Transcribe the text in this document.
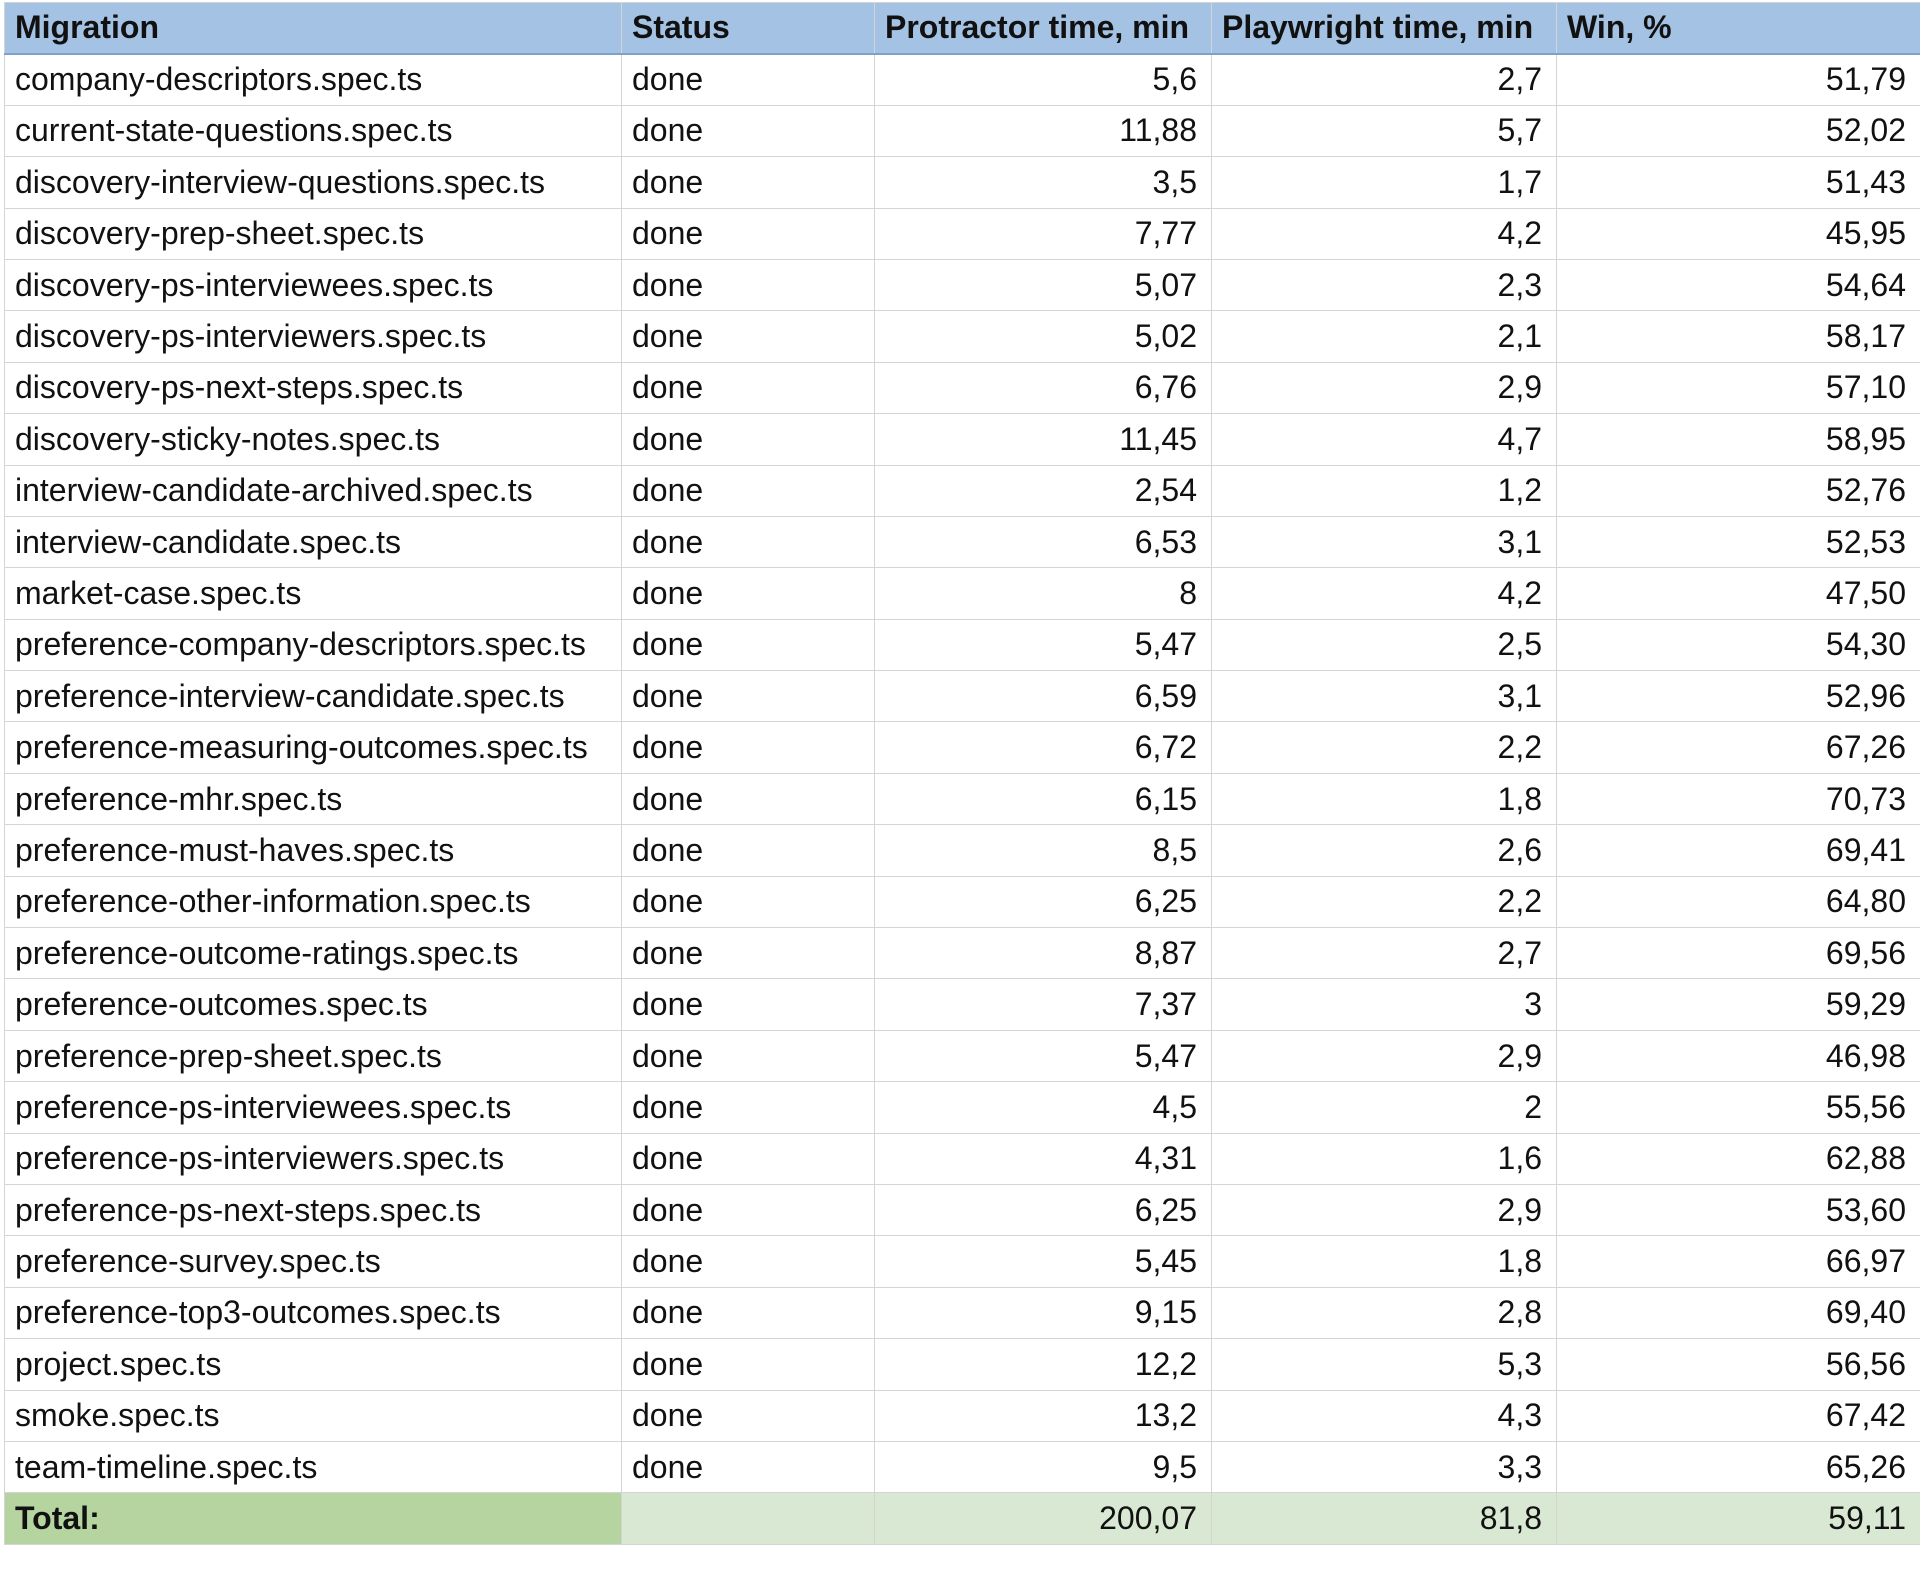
Migration	Status	Protractor time, min	Playwright time, min	Win, %
company-descriptors.spec.ts	done	5,6	2,7	51,79
current-state-questions.spec.ts	done	11,88	5,7	52,02
discovery-interview-questions.spec.ts	done	3,5	1,7	51,43
discovery-prep-sheet.spec.ts	done	7,77	4,2	45,95
discovery-ps-interviewees.spec.ts	done	5,07	2,3	54,64
discovery-ps-interviewers.spec.ts	done	5,02	2,1	58,17
discovery-ps-next-steps.spec.ts	done	6,76	2,9	57,10
discovery-sticky-notes.spec.ts	done	11,45	4,7	58,95
interview-candidate-archived.spec.ts	done	2,54	1,2	52,76
interview-candidate.spec.ts	done	6,53	3,1	52,53
market-case.spec.ts	done	8	4,2	47,50
preference-company-descriptors.spec.ts	done	5,47	2,5	54,30
preference-interview-candidate.spec.ts	done	6,59	3,1	52,96
preference-measuring-outcomes.spec.ts	done	6,72	2,2	67,26
preference-mhr.spec.ts	done	6,15	1,8	70,73
preference-must-haves.spec.ts	done	8,5	2,6	69,41
preference-other-information.spec.ts	done	6,25	2,2	64,80
preference-outcome-ratings.spec.ts	done	8,87	2,7	69,56
preference-outcomes.spec.ts	done	7,37	3	59,29
preference-prep-sheet.spec.ts	done	5,47	2,9	46,98
preference-ps-interviewees.spec.ts	done	4,5	2	55,56
preference-ps-interviewers.spec.ts	done	4,31	1,6	62,88
preference-ps-next-steps.spec.ts	done	6,25	2,9	53,60
preference-survey.spec.ts	done	5,45	1,8	66,97
preference-top3-outcomes.spec.ts	done	9,15	2,8	69,40
project.spec.ts	done	12,2	5,3	56,56
smoke.spec.ts	done	13,2	4,3	67,42
team-timeline.spec.ts	done	9,5	3,3	65,26
Total:		200,07	81,8	59,11
